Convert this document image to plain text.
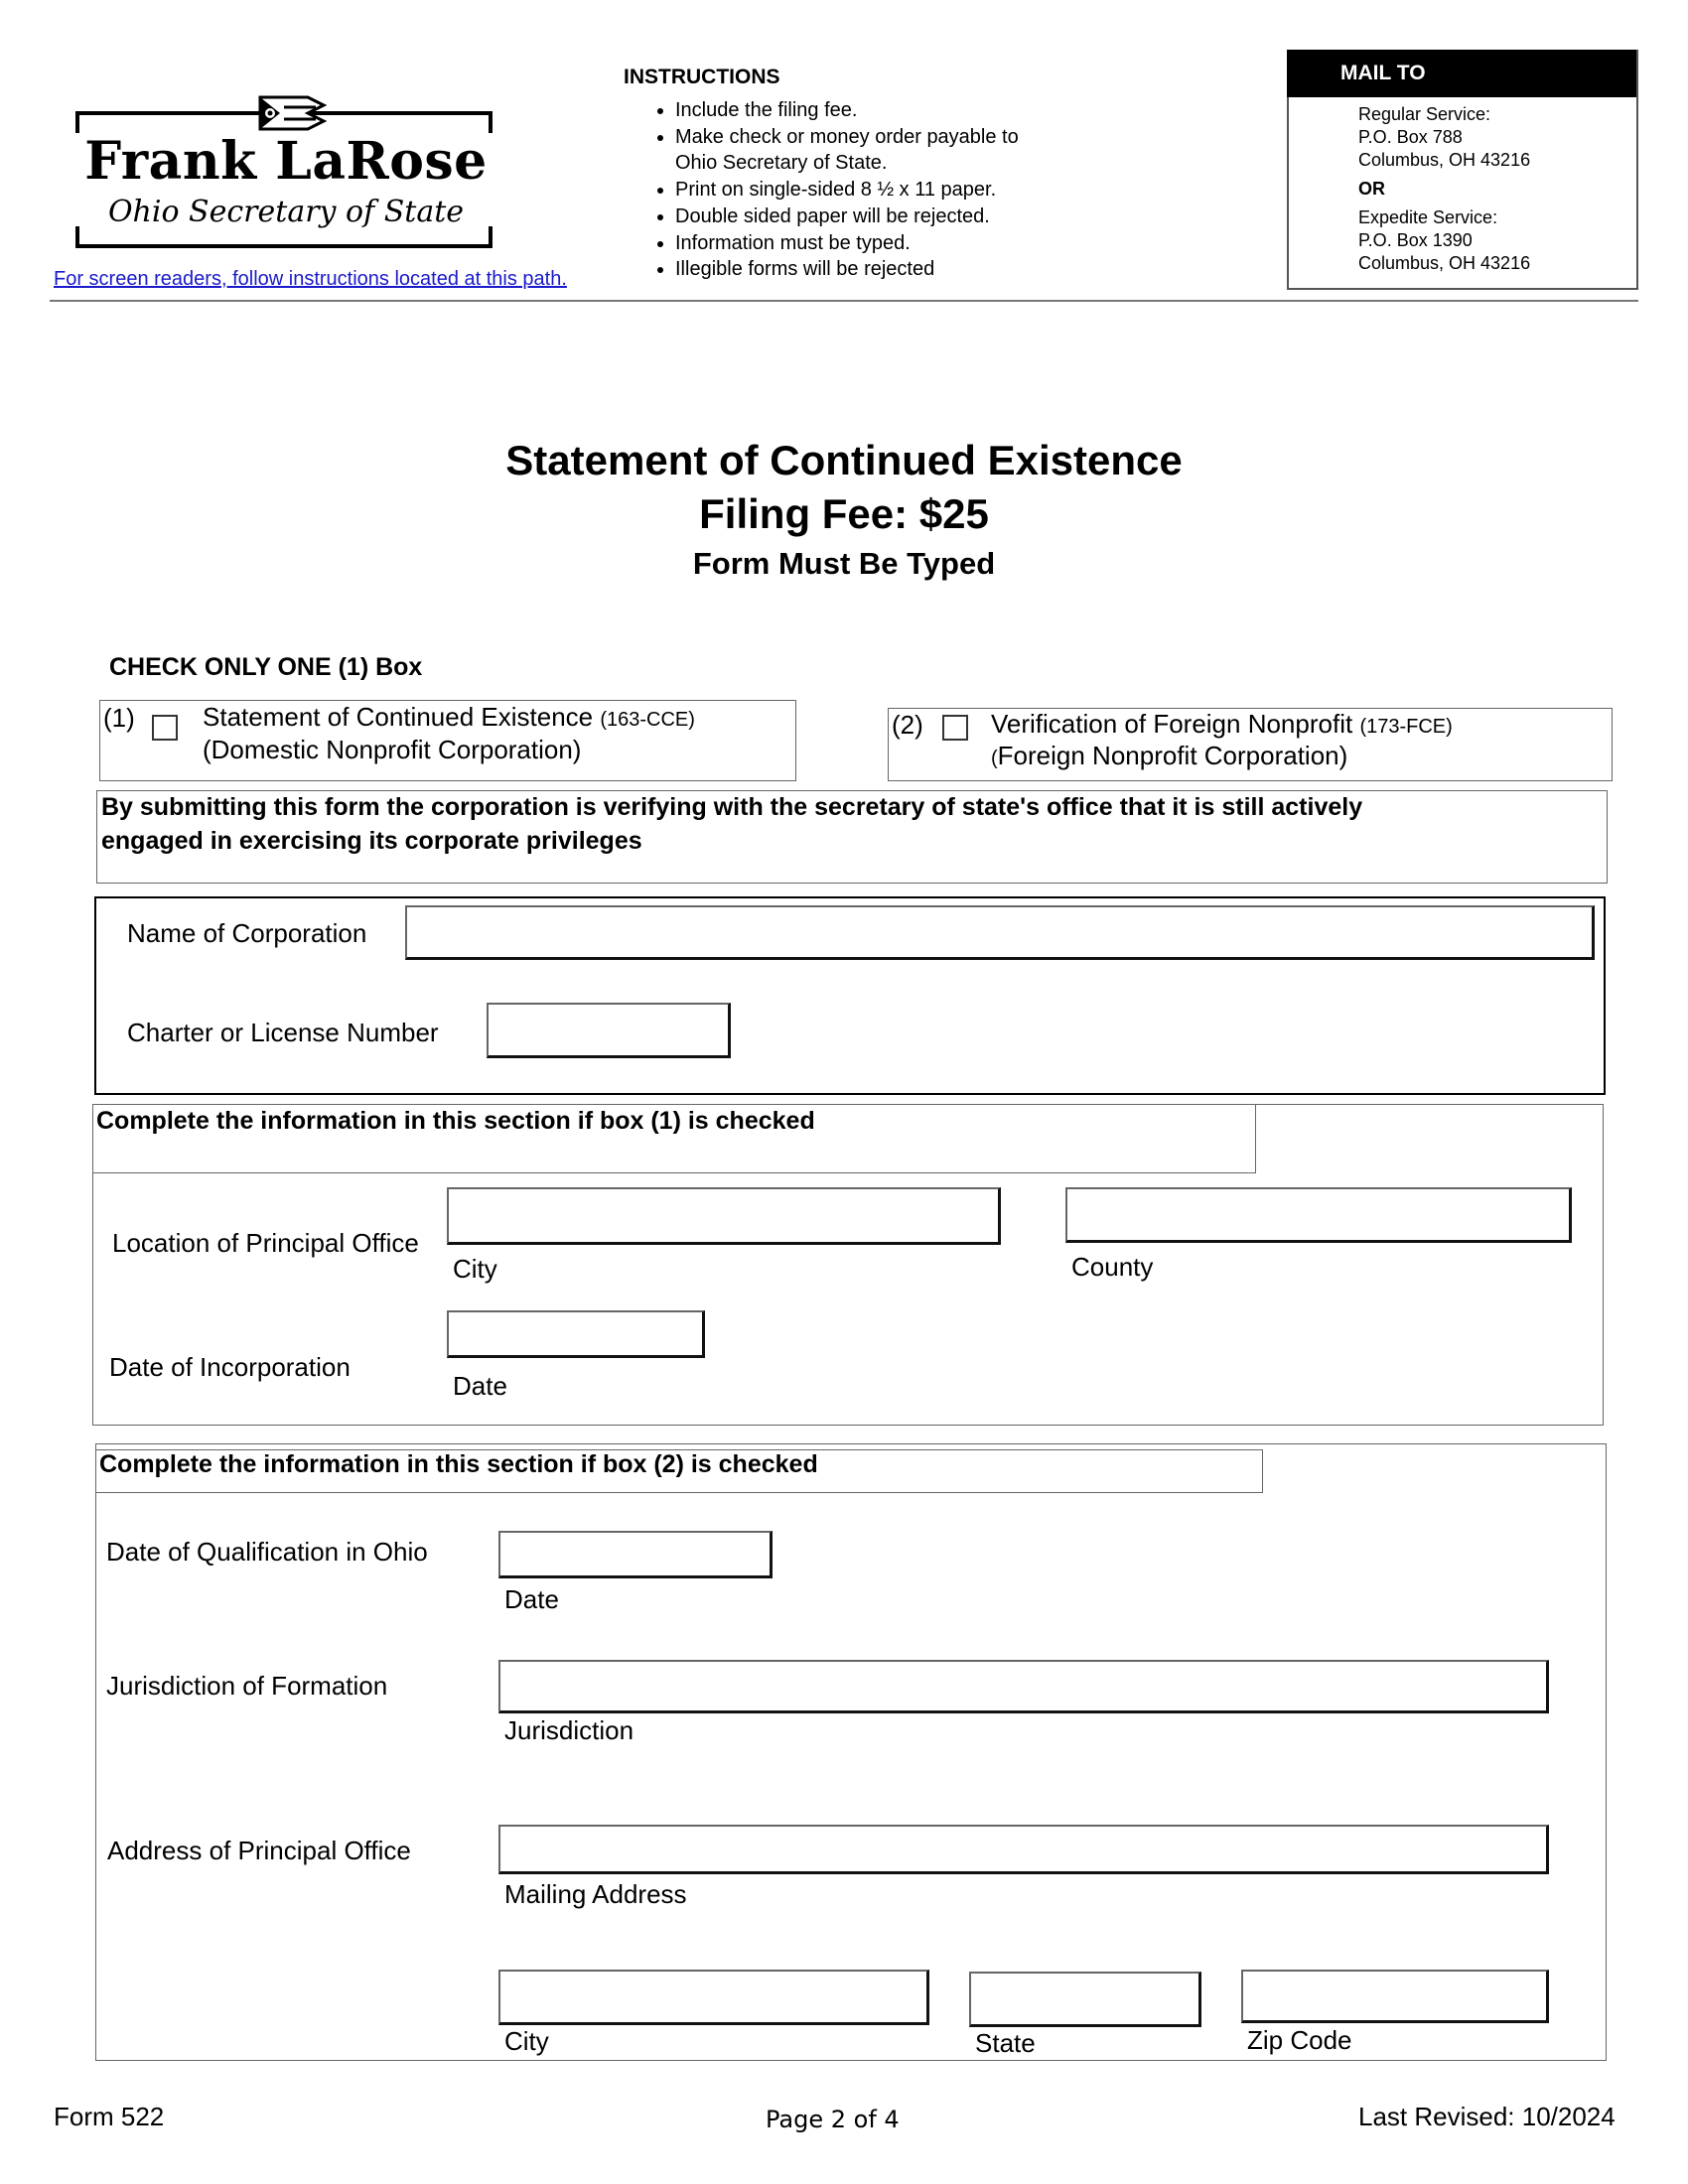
Frank LaRose
Ohio Secretary of State
For screen readers, follow instructions located at this path.
INSTRUCTIONS
• Include the filing fee.
• Make check or money order payable to
Ohio Secretary of State.
• Print on single-sided 8 ½ x 11 paper.
• Double sided paper will be rejected.
• Information must be typed.
• Illegible forms will be rejected
MAIL TO
Regular Service:
P.O. Box 788
Columbus, OH 43216
OR
Expedite Service:
P.O. Box 1390
Columbus, OH 43216
Statement of Continued Existence
Filing Fee: $25
Form Must Be Typed
CHECK ONLY ONE (1) Box
(1)	Statement of Continued Existence (163-CCE)
(Domestic Nonprofit Corporation)
(2)	Verification of Foreign Nonprofit (173-FCE)
(Foreign Nonprofit Corporation)
By submitting this form the corporation is verifying with the secretary of state's office that it is still actively
engaged in exercising its corporate privileges
Name of Corporation
Charter or License Number
Complete the information in this section if box (1) is checked
Location of Principal Office
City	County
Date of Incorporation
Date
Complete the information in this section if box (2) is checked
Date of Qualification in Ohio
Date
Jurisdiction of Formation
Jurisdiction
Address of Principal Office
Mailing Address
City	State	Zip Code
Form 522	Page 2 of 4	Last Revised: 10/2024
